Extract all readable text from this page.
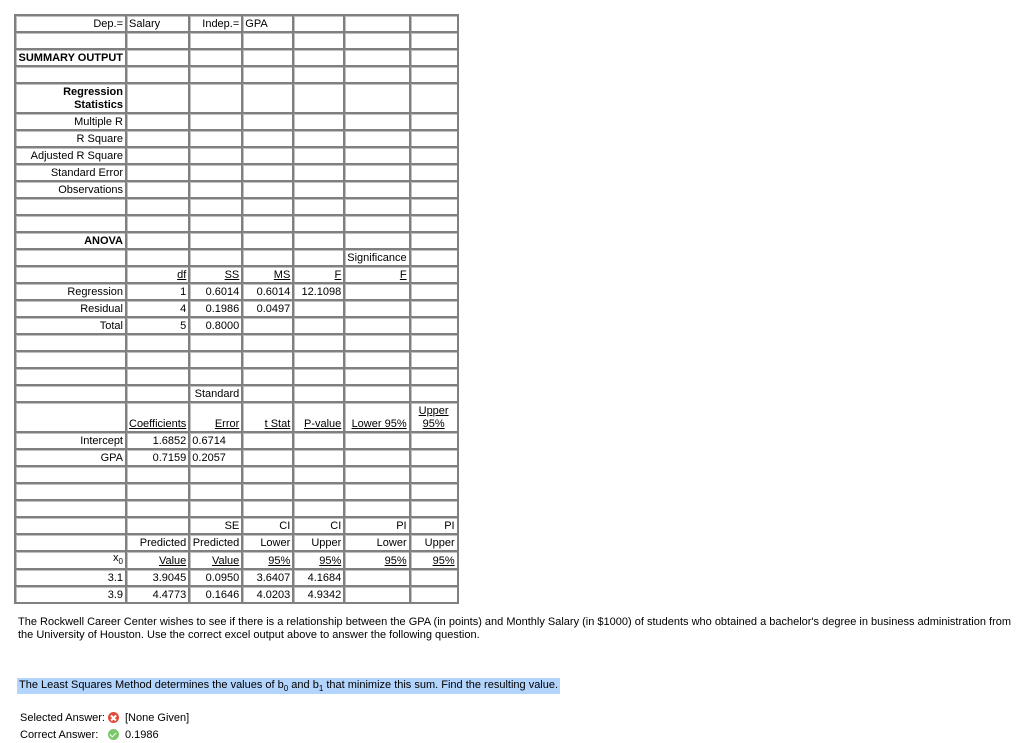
Dep.=	Salary	Indep.=	GPA			

SUMMARY OUTPUT						

Regression Statistics						
Multiple R						
R Square						
Adjusted R Square						
Standard Error						
Observations						

ANOVA						
					Significance	
	df	SS	MS	F	F	
Regression	1	0.6014	0.6014	12.1098		
Residual	4	0.1986	0.0497			
Total	5	0.8000				

		Standard				
	Coefficients	Error	t Stat	P-value	Lower 95%	Upper 95%
Intercept	1.6852	0.6714				
GPA	0.7159	0.2057				

		SE	CI	CI	PI	PI
	Predicted	Predicted	Lower	Upper	Lower	Upper
$x_0$	Value	Value	95%	95%	95%	95%
3.1	3.9045	0.0950	3.6407	4.1684		
3.9	4.4773	0.1646	4.0203	4.9342		
The Rockwell Career Center wishes to see if there is a relationship between the GPA (in points) and Monthly Salary (in $1000) of students who obtained a bachelor's degree in business administration from the University of Houston. Use the correct excel output above to answer the following question.
The Least Squares Method determines the values of $b_0$ and $b_1$ that minimize this sum. Find the resulting value.
Selected Answer: [None Given]
Correct Answer:	0.1986
